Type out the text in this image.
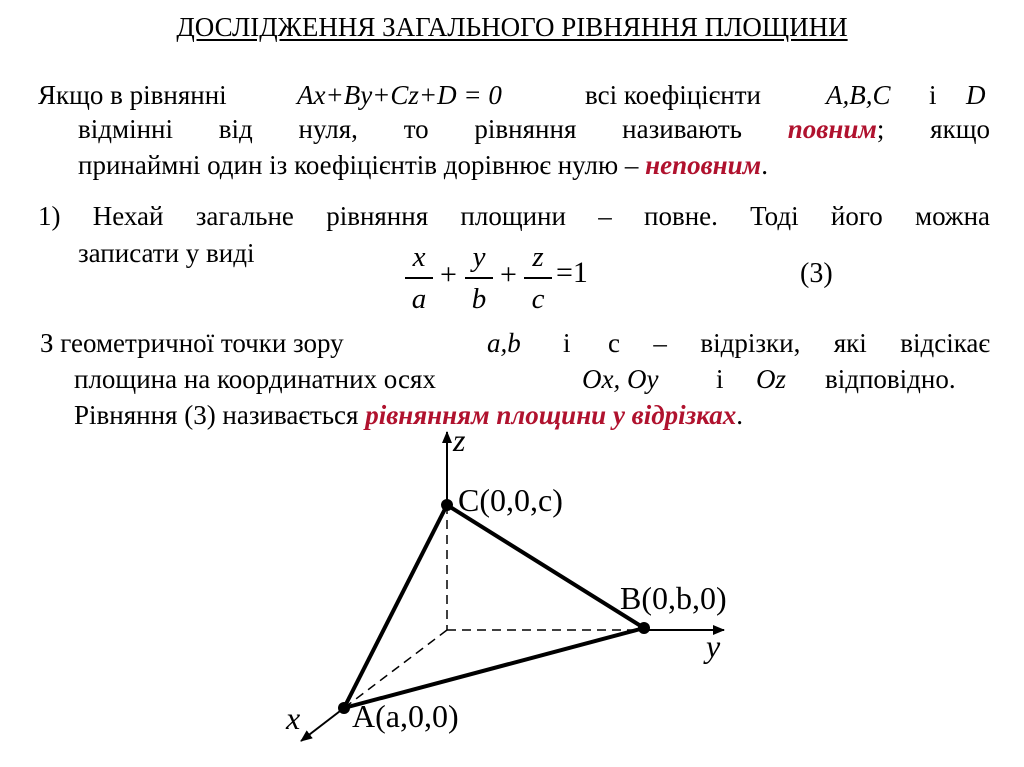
ДОСЛІДЖЕННЯ ЗАГАЛЬНОГО РІВНЯННЯ ПЛОЩИНИ
Якщо в рівнянні	Ax+By+Cz+D = 0	всі коефіцієнти A,B,C і D
відмінні від нуля, то рівняння називають повним; якщо
принаймні один із коефіцієнтів дорівнює нулю – неповним.
1) Нехай загальне рівняння площини – повне. Тоді його можна
записати у виді	x
a
+
y
b
+
z
c
=1	(3)
З геометричної точки зору	a,b і c – відрізки, які відсікає
площина на координатних осях	Ox, Oy і Oz відповідно.
Рівняння (3) називається рівнянням площини у відрізках.
z
y
x
C(0,0,c)
B(0,b,0)
A(a,0,0)
